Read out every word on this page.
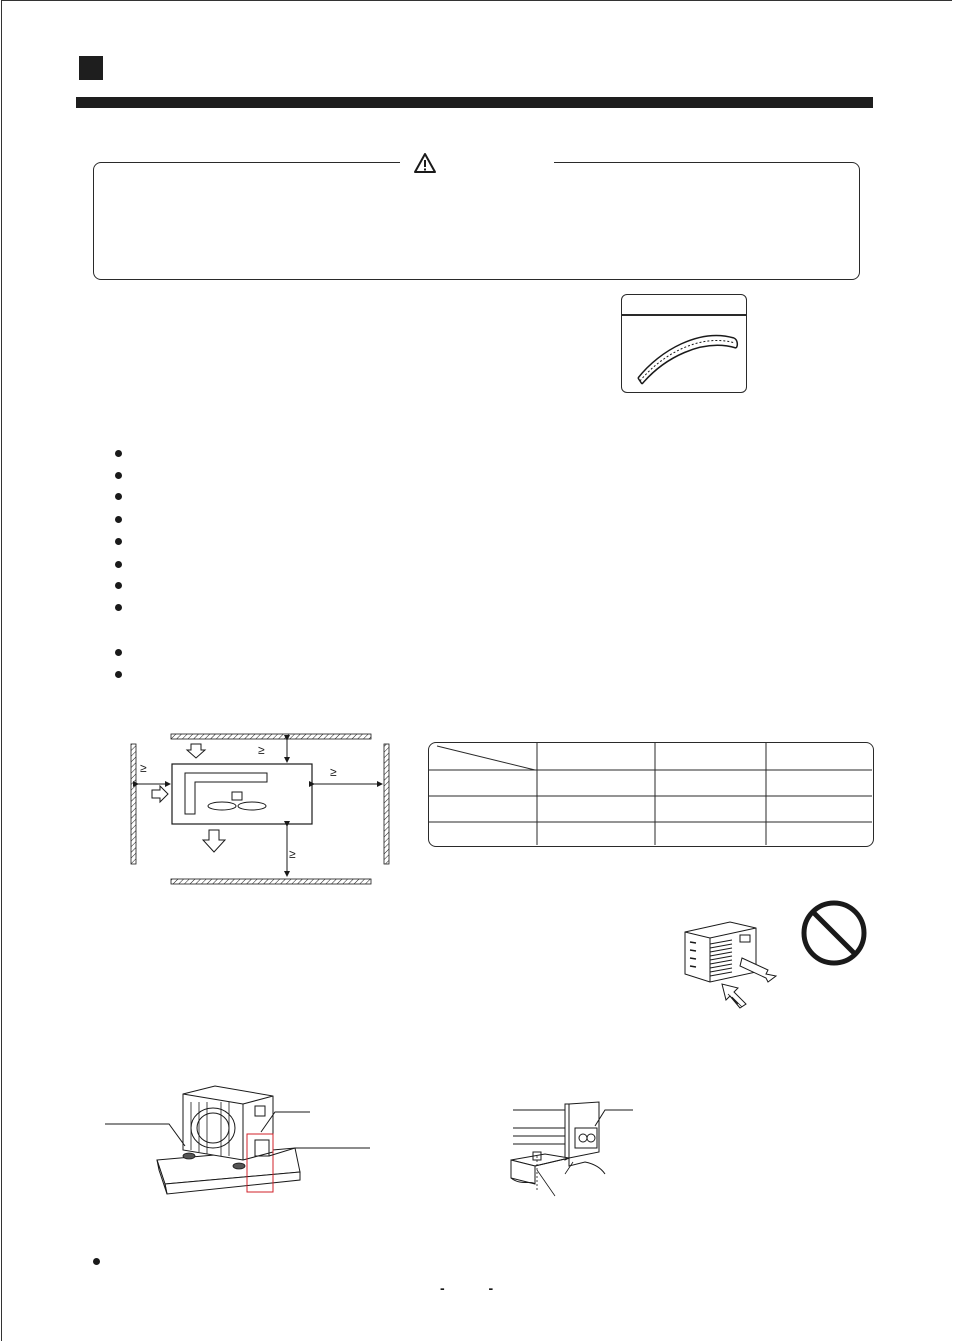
≥
≥	≥
≥
- -
